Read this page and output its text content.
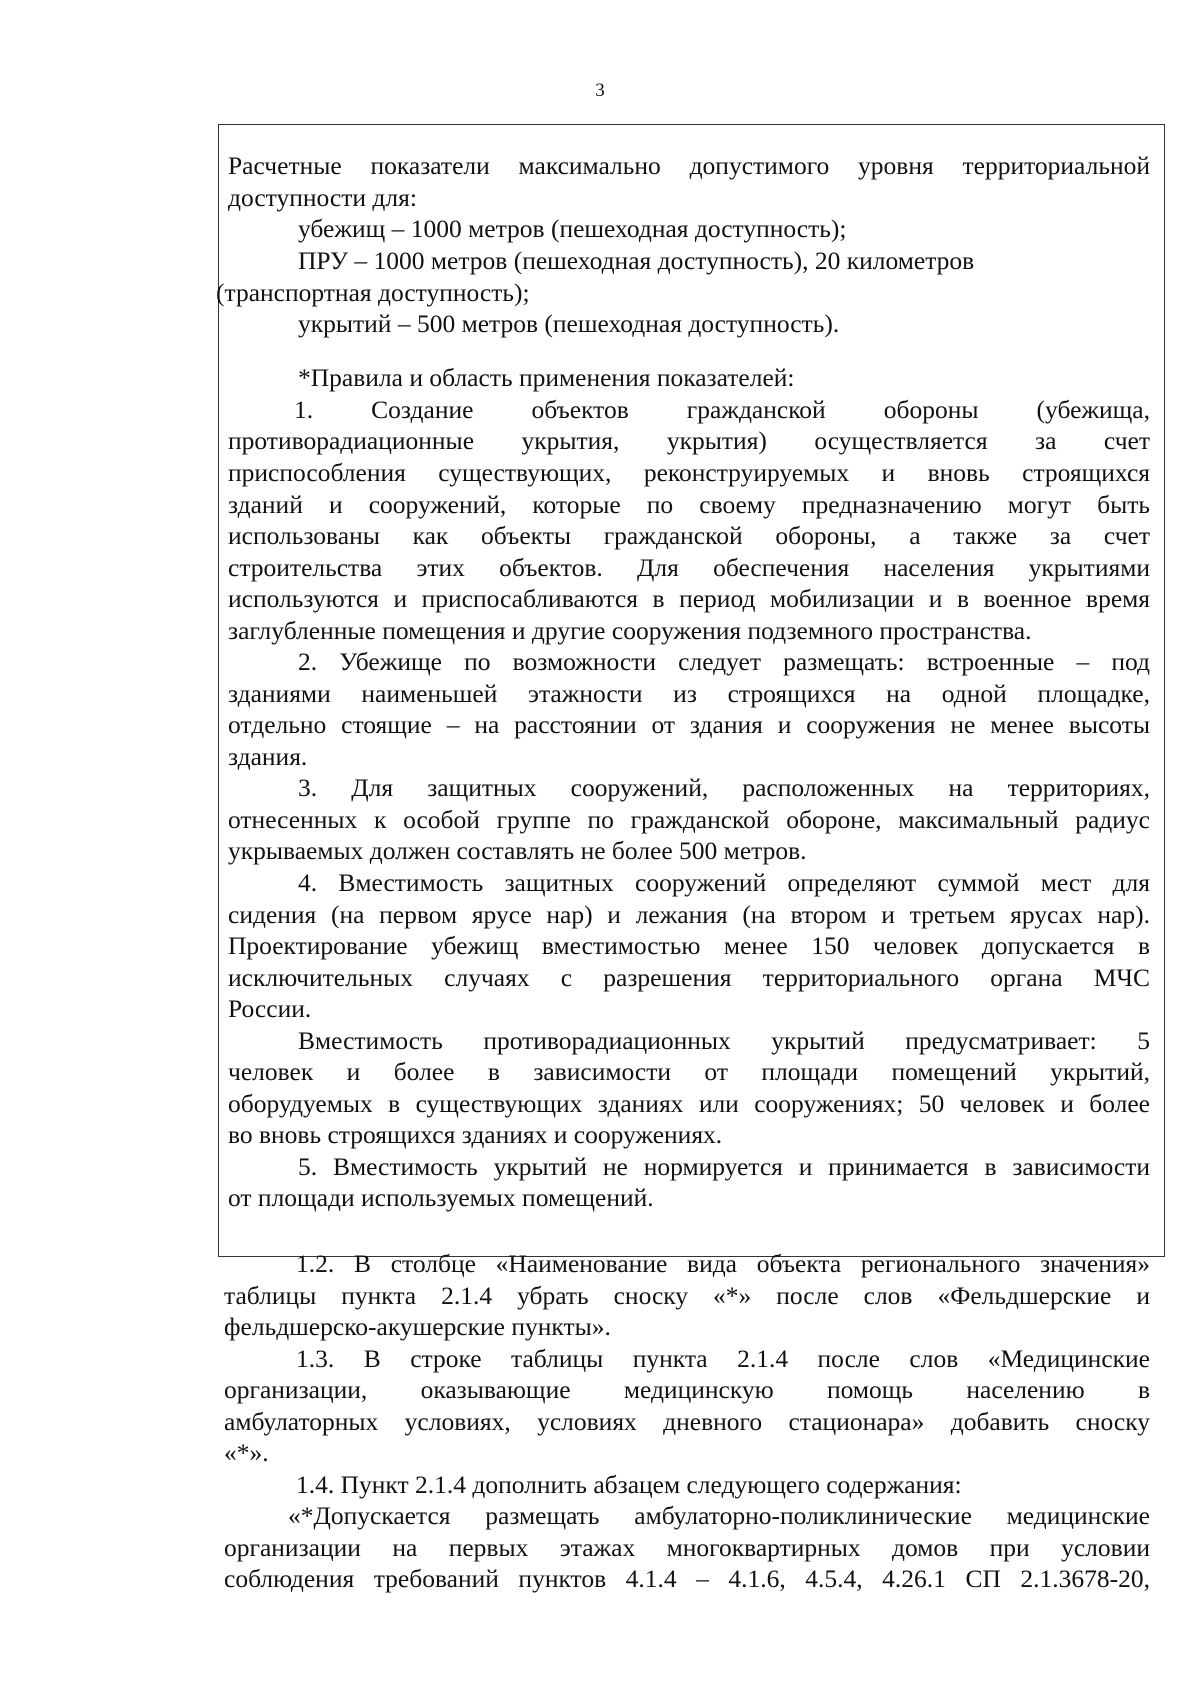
3
Расчетные показатели максимально допустимого уровня территориальной
доступности для:
убежищ – 1000 метров (пешеходная доступность);
ПРУ – 1000 метров (пешеходная доступность), 20 километров
(транспортная доступность);
укрытий – 500 метров (пешеходная доступность).
*Правила и область применения показателей:
1. Создание объектов гражданской обороны (убежища,
противорадиационные укрытия, укрытия) осуществляется за счет
приспособления существующих, реконструируемых и вновь строящихся
зданий и сооружений, которые по своему предназначению могут быть
использованы как объекты гражданской обороны, а также за счет
строительства этих объектов. Для обеспечения населения укрытиями
используются и приспосабливаются в период мобилизации и в военное время
заглубленные помещения и другие сооружения подземного пространства.
2. Убежище по возможности следует размещать: встроенные – под
зданиями наименьшей этажности из строящихся на одной площадке,
отдельно стоящие – на расстоянии от здания и сооружения не менее высоты
здания.
3. Для защитных сооружений, расположенных на территориях,
отнесенных к особой группе по гражданской обороне, максимальный радиус
укрываемых должен составлять не более 500 метров.
4. Вместимость защитных сооружений определяют суммой мест для
сидения (на первом ярусе нар) и лежания (на втором и третьем ярусах нар).
Проектирование убежищ вместимостью менее 150 человек допускается в
исключительных случаях с разрешения территориального органа МЧС
России.
Вместимость противорадиационных укрытий предусматривает: 5
человек и более в зависимости от площади помещений укрытий,
оборудуемых в существующих зданиях или сооружениях; 50 человек и более
во вновь строящихся зданиях и сооружениях.
5. Вместимость укрытий не нормируется и принимается в зависимости
от площади используемых помещений.
1.2. В столбце «Наименование вида объекта регионального значения»
таблицы пункта 2.1.4 убрать сноску «*» после слов «Фельдшерские и
фельдшерско-акушерские пункты».
1.3. В строке таблицы пункта 2.1.4 после слов «Медицинские
организации, оказывающие медицинскую помощь населению в
амбулаторных условиях, условиях дневного стационара» добавить сноску
«*».
1.4. Пункт 2.1.4 дополнить абзацем следующего содержания:
«*Допускается размещать амбулаторно-поликлинические медицинские
организации на первых этажах многоквартирных домов при условии
соблюдения требований пунктов 4.1.4 – 4.1.6, 4.5.4, 4.26.1 СП 2.1.3678-20,
